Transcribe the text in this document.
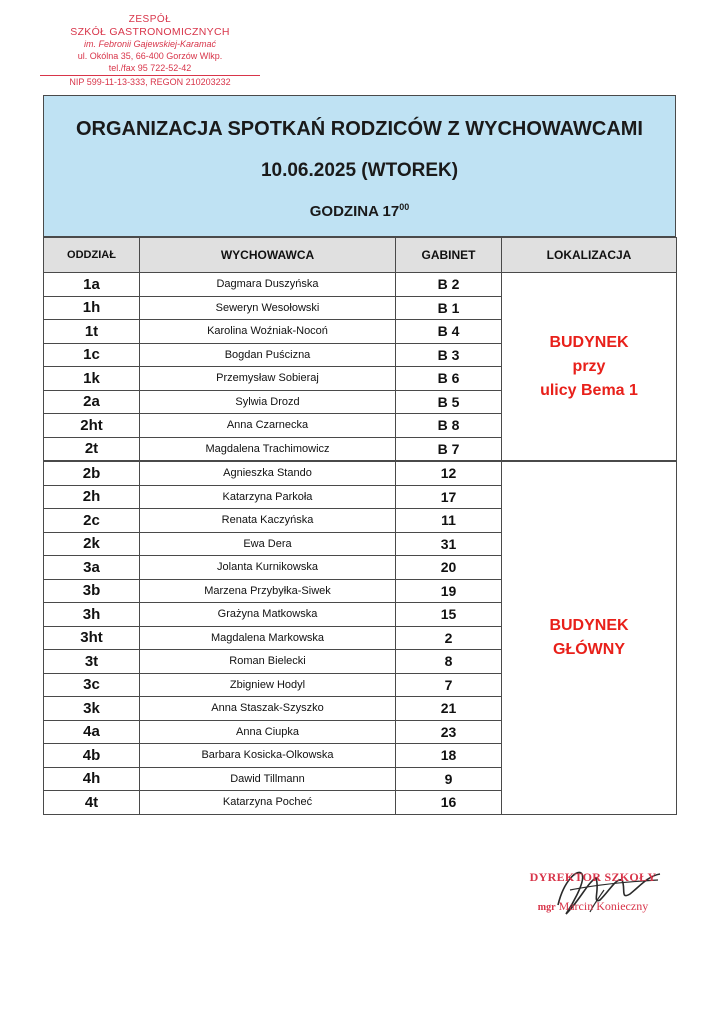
ZESPÓŁ
SZKÓŁ GASTRONOMICZNYCH
im. Febronii Gajewskiej-Karamać
ul. Okólna 35, 66-400 Gorzów Wlkp.
tel./fax 95 722-52-42
NIP 599-11-13-333, REGON 210203232
ORGANIZACJA SPOTKAŃ RODZICÓW Z WYCHOWAWCAMI
10.06.2025 (WTOREK)
GODZINA $17^{00}$
ODDZIAŁ	WYCHOWAWCA	GABINET	LOKALIZACJA
1a	Dagmara Duszyńska	B 2	BUDYNEK
przy
ulicy Bema 1

1h	Seweryn Wesołowski	B 1	
1t	Karolina Woźniak-Nocoń	B 4	
1c	Bogdan Puścizna	B 3	
1k	Przemysław Sobieraj	B 6	
2a	Sylwia Drozd	B 5	
2ht	Anna Czarnecka	B 8	
2t	Magdalena Trachimowicz	B 7	
2b	Agnieszka Stando	12	BUDYNEK
GŁÓWNY

2h	Katarzyna Parkoła	17	
2c	Renata Kaczyńska	11	
2k	Ewa Dera	31	
3a	Jolanta Kurnikowska	20	
3b	Marzena Przybyłka-Siwek	19	
3h	Grażyna Matkowska	15	
3ht	Magdalena Markowska	2	
3t	Roman Bielecki	8	
3c	Zbigniew Hodyl	7	
3k	Anna Staszak-Szyszko	21	
4a	Anna Ciupka	23	
4b	Barbara Kosicka-Olkowska	18	
4h	Dawid Tillmann	9	
4t	Katarzyna Pocheć	16	
DYREKTOR SZKOŁY
mgr Marcin Konieczny
